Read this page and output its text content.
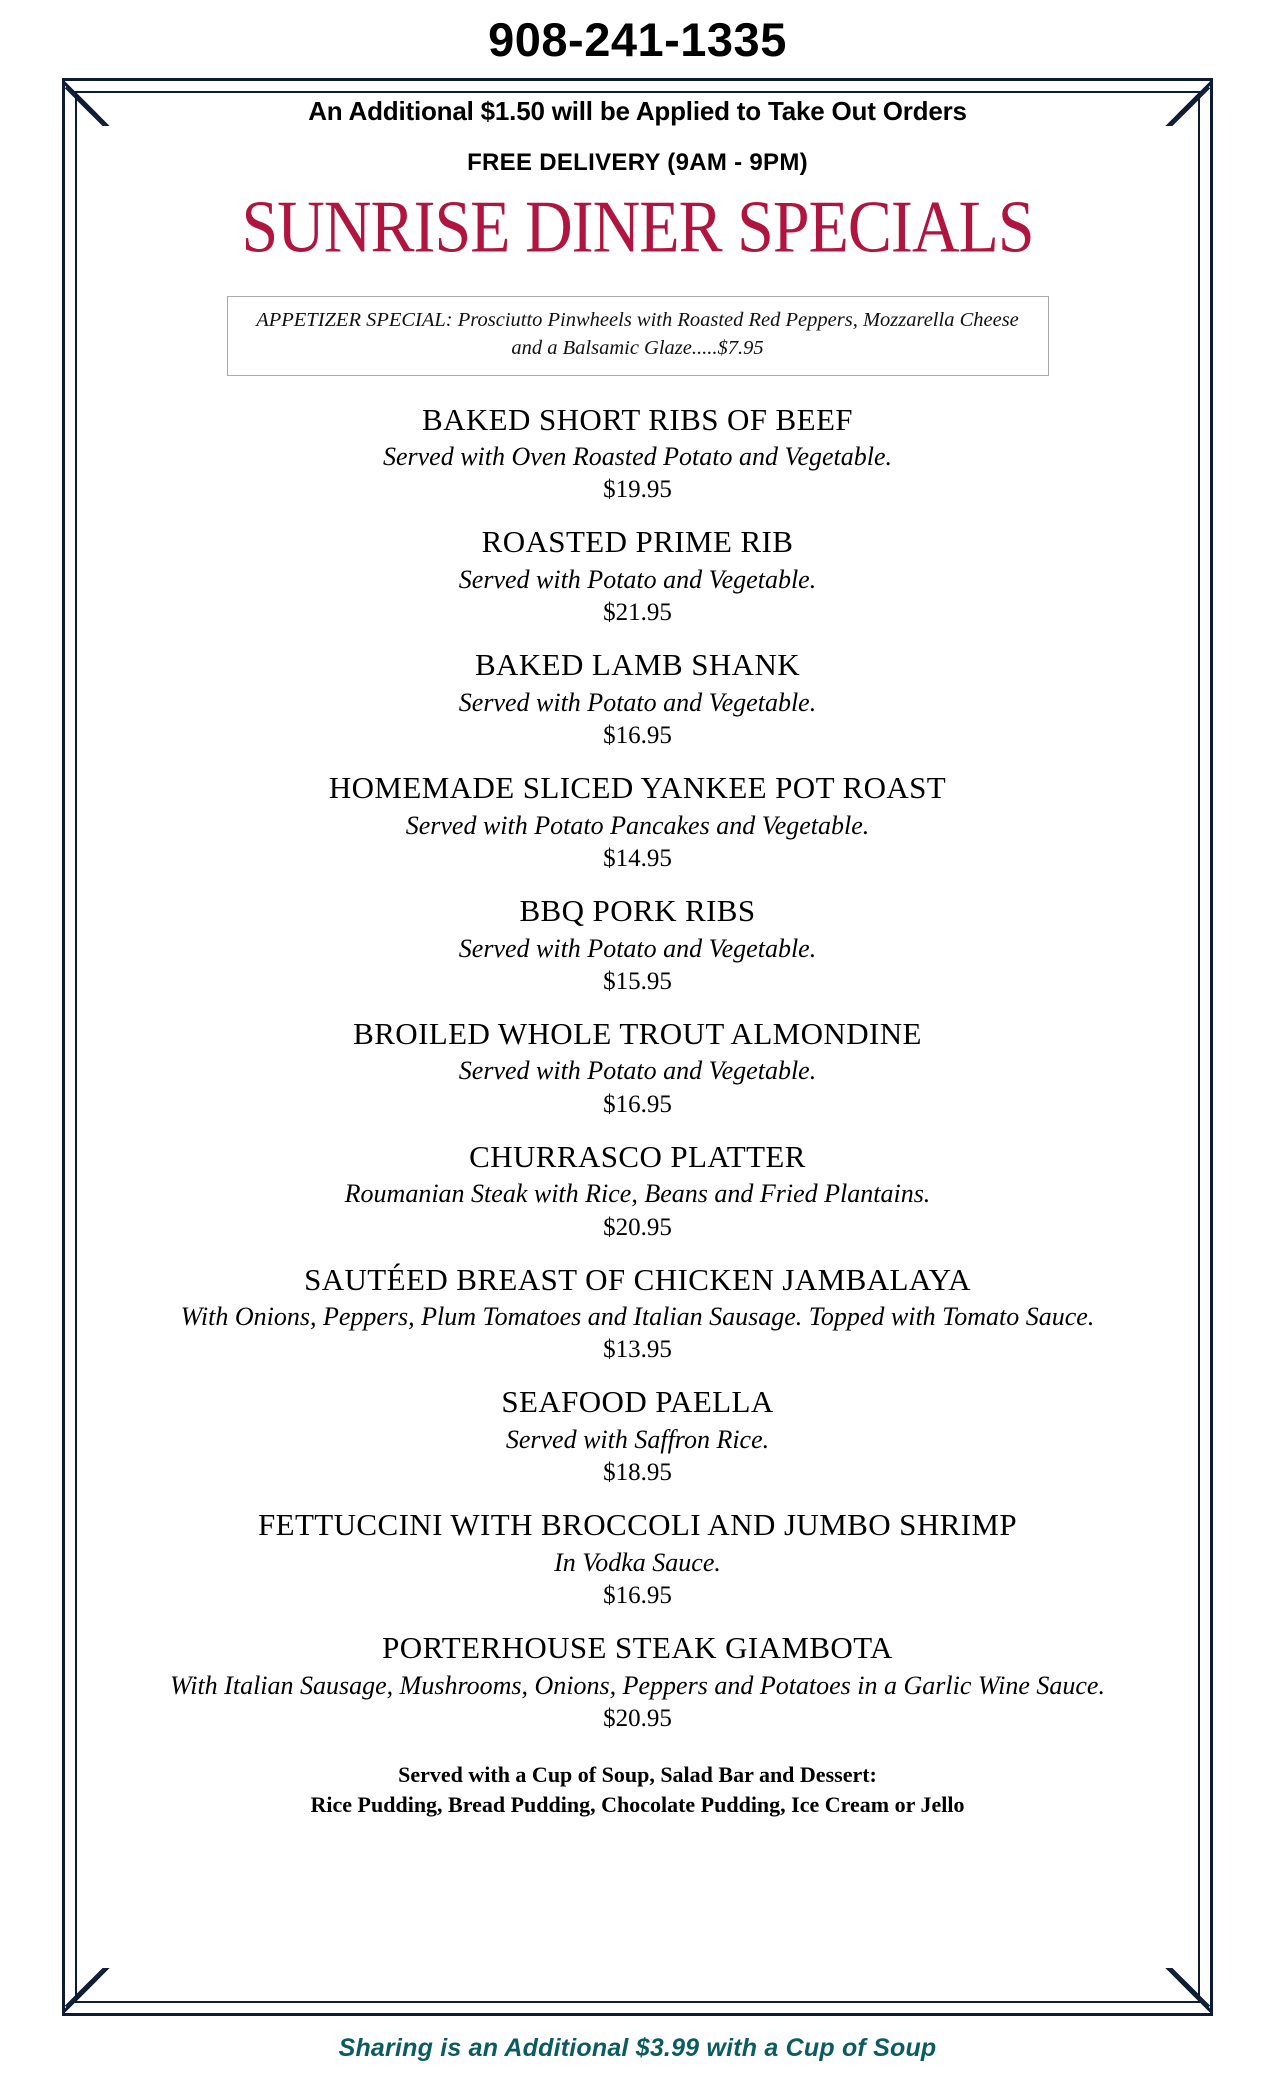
908-241-1335
An Additional $1.50 will be Applied to Take Out Orders
FREE DELIVERY (9AM - 9PM)
SUNRISE DINER SPECIALS
APPETIZER SPECIAL: Prosciutto Pinwheels with Roasted Red Peppers, Mozzarella Cheese and a Balsamic Glaze.....$7.95
BAKED SHORT RIBS OF BEEF
Served with Oven Roasted Potato and Vegetable.
$19.95
ROASTED PRIME RIB
Served with Potato and Vegetable.
$21.95
BAKED LAMB SHANK
Served with Potato and Vegetable.
$16.95
HOMEMADE SLICED YANKEE POT ROAST
Served with Potato Pancakes and Vegetable.
$14.95
BBQ PORK RIBS
Served with Potato and Vegetable.
$15.95
BROILED WHOLE TROUT ALMONDINE
Served with Potato and Vegetable.
$16.95
CHURRASCO PLATTER
Roumanian Steak with Rice, Beans and Fried Plantains.
$20.95
SAUTÉED BREAST OF CHICKEN JAMBALAYA
With Onions, Peppers, Plum Tomatoes and Italian Sausage. Topped with Tomato Sauce.
$13.95
SEAFOOD PAELLA
Served with Saffron Rice.
$18.95
FETTUCCINI WITH BROCCOLI AND JUMBO SHRIMP
In Vodka Sauce.
$16.95
PORTERHOUSE STEAK GIAMBOTA
With Italian Sausage, Mushrooms, Onions, Peppers and Potatoes in a Garlic Wine Sauce.
$20.95
Served with a Cup of Soup, Salad Bar and Dessert:
Rice Pudding, Bread Pudding, Chocolate Pudding, Ice Cream or Jello
Sharing is an Additional $3.99 with a Cup of Soup
